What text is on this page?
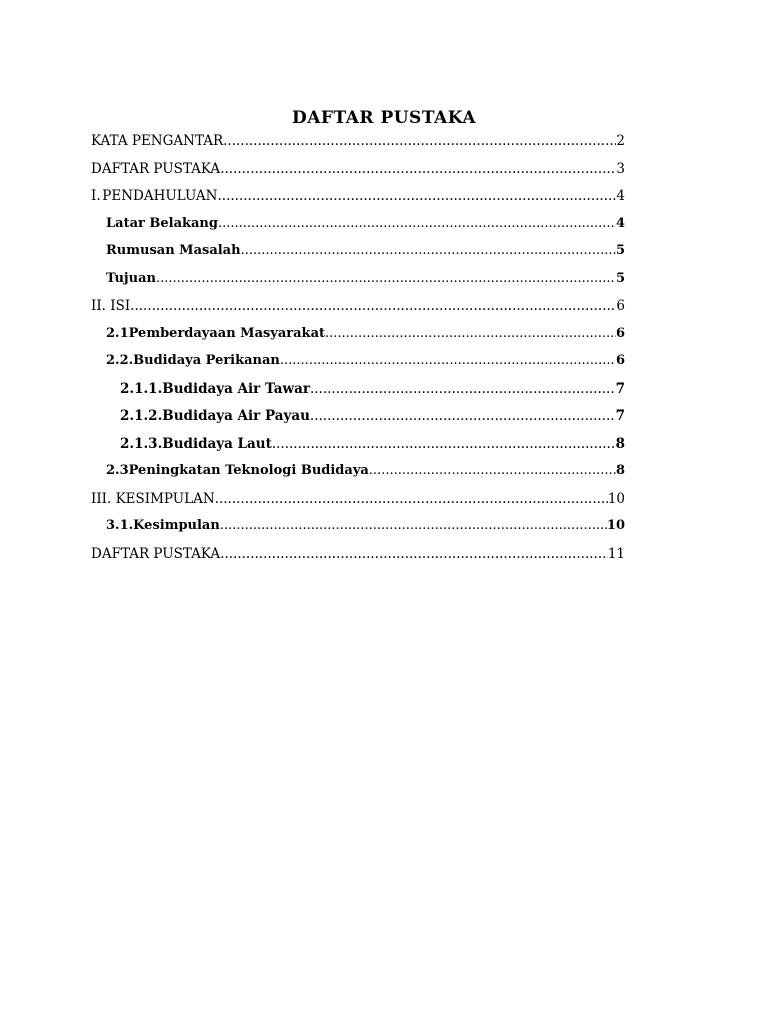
DAFTAR PUSTAKA
KATA PENGANTAR .....	2
DAFTAR PUSTAKA .....	3
I. PENDAHULUAN .....	4
Latar Belakang .....	4
Rumusan Masalah .....	5
Tujuan .....	5
II. ISI .....	6
2.1 Pemberdayaan Masyarakat .....	6
2.2. Budidaya Perikanan .....	6
2.1.1. Budidaya Air Tawar .....	7
2.1.2. Budidaya Air Payau .....	7
2.1.3. Budidaya Laut .....	8
2.3 Peningkatan Teknologi Budidaya .....	8
III. KESIMPULAN .....	10
3.1. Kesimpulan .....	10
DAFTAR PUSTAKA .....	11
